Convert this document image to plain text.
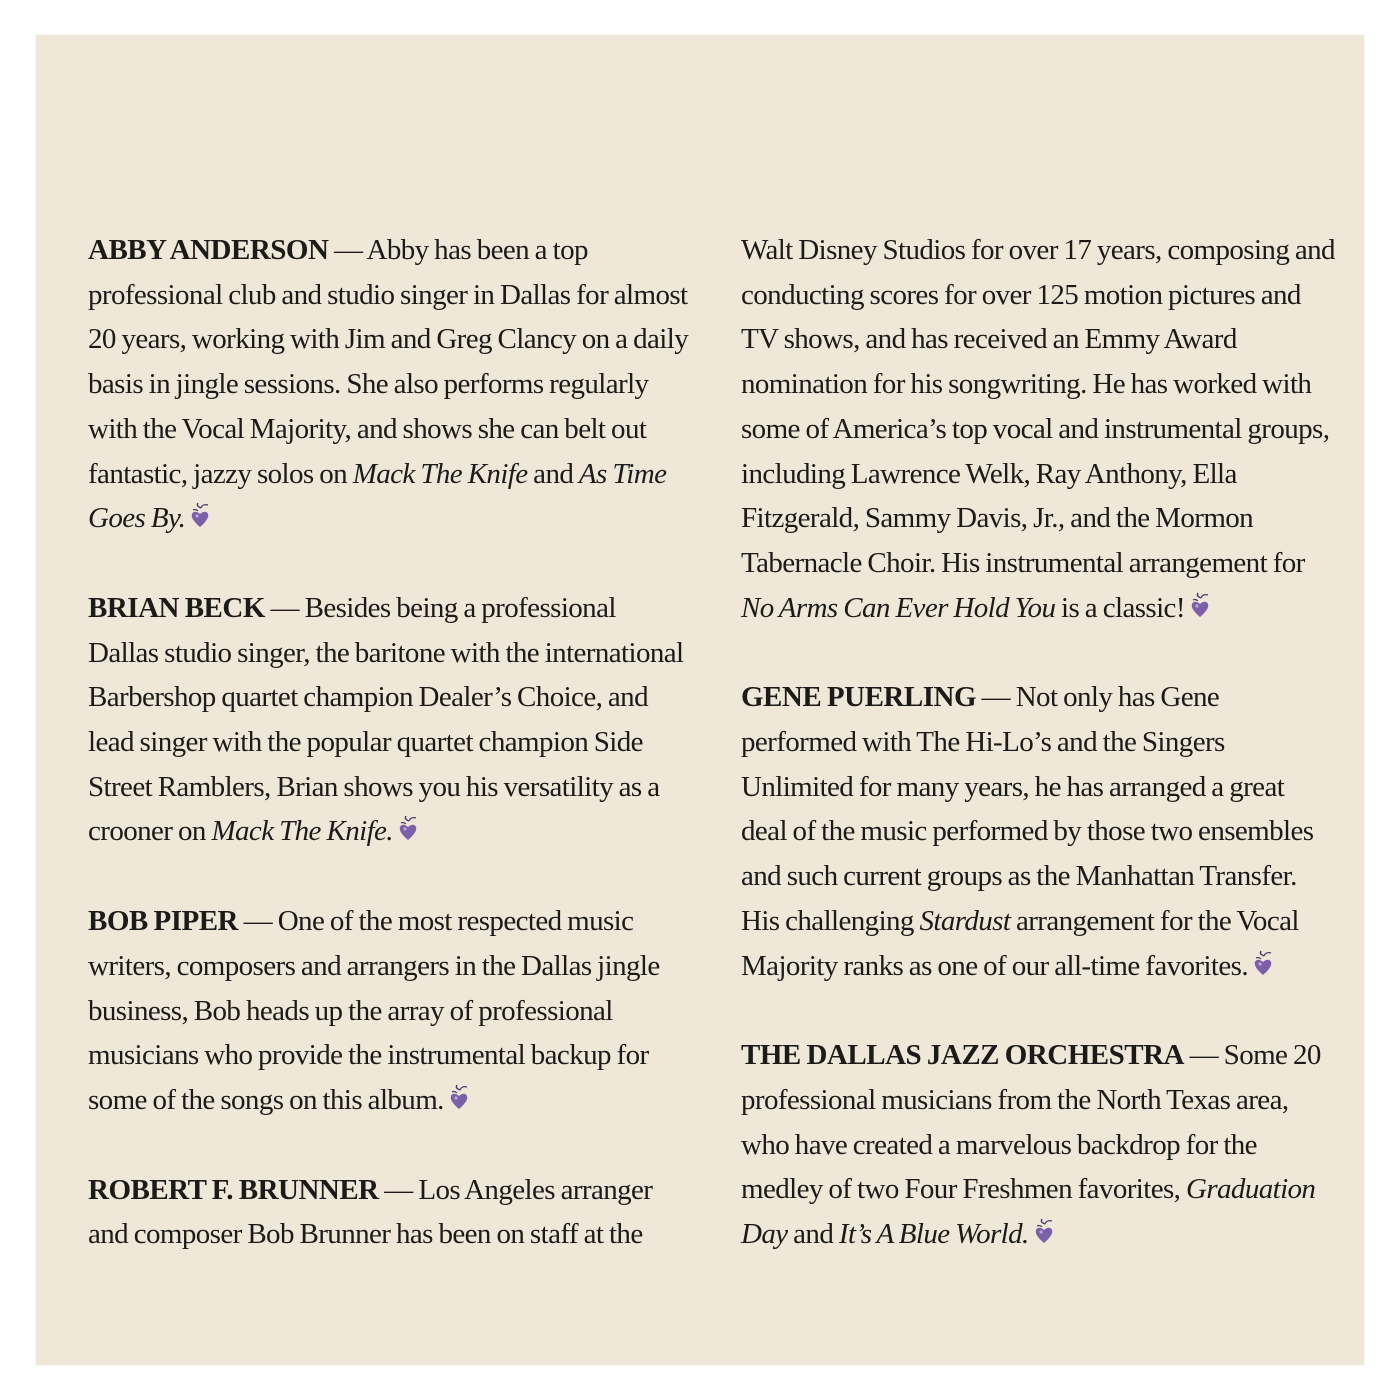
ABBY ANDERSON — Abby has been a top
professional club and studio singer in Dallas for almost
20 years, working with Jim and Greg Clancy on a daily
basis in jingle sessions. She also performs regularly
with the Vocal Majority, and shows she can belt out
fantastic, jazzy solos on Mack The Knife and As Time
Goes By.
BRIAN BECK — Besides being a professional
Dallas studio singer, the baritone with the international
Barbershop quartet champion Dealer’s Choice, and
lead singer with the popular quartet champion Side
Street Ramblers, Brian shows you his versatility as a
crooner on Mack The Knife.
BOB PIPER — One of the most respected music
writers, composers and arrangers in the Dallas jingle
business, Bob heads up the array of professional
musicians who provide the instrumental backup for
some of the songs on this album.
ROBERT F. BRUNNER — Los Angeles arranger
and composer Bob Brunner has been on staff at the
Walt Disney Studios for over 17 years, composing and
conducting scores for over 125 motion pictures and
TV shows, and has received an Emmy Award
nomination for his songwriting. He has worked with
some of America’s top vocal and instrumental groups,
including Lawrence Welk, Ray Anthony, Ella
Fitzgerald, Sammy Davis, Jr., and the Mormon
Tabernacle Choir. His instrumental arrangement for
No Arms Can Ever Hold You is a classic!
GENE PUERLING — Not only has Gene
performed with The Hi-Lo’s and the Singers
Unlimited for many years, he has arranged a great
deal of the music performed by those two ensembles
and such current groups as the Manhattan Transfer.
His challenging Stardust arrangement for the Vocal
Majority ranks as one of our all-time favorites.
THE DALLAS JAZZ ORCHESTRA — Some 20
professional musicians from the North Texas area,
who have created a marvelous backdrop for the
medley of two Four Freshmen favorites, Graduation
Day and It’s A Blue World.
